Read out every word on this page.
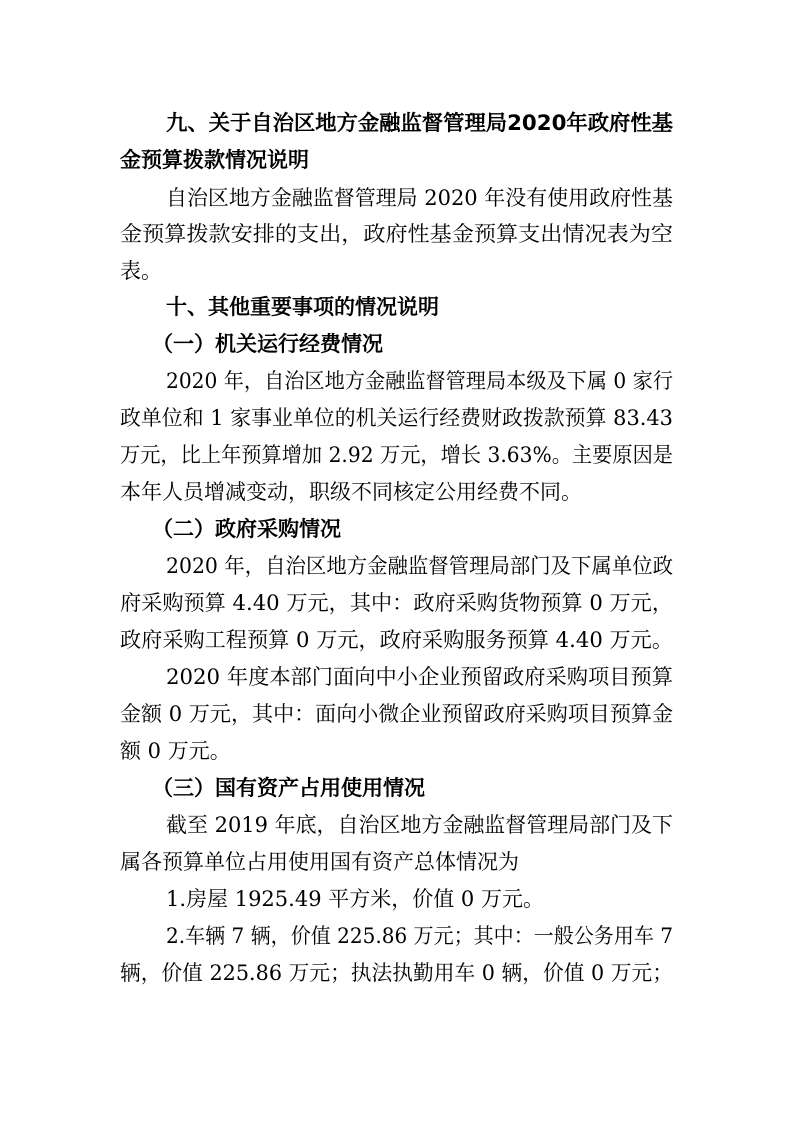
九、关于自治区地方金融监督管理局2020年政府性基
金预算拨款情况说明
自治区地方金融监督管理局 2020 年没有使用政府性基
金预算拨款安排的支出，政府性基金预算支出情况表为空
表。
十、其他重要事项的情况说明
（一）机关运行经费情况
2020 年，自治区地方金融监督管理局本级及下属 0 家行
政单位和 1 家事业单位的机关运行经费财政拨款预算 83.43
万元，比上年预算增加 2.92 万元，增长 3.63%。主要原因是
本年人员增减变动，职级不同核定公用经费不同。
（二）政府采购情况
2020 年，自治区地方金融监督管理局部门及下属单位政
府采购预算 4.40 万元，其中：政府采购货物预算 0 万元，
政府采购工程预算 0 万元，政府采购服务预算 4.40 万元。
2020 年度本部门面向中小企业预留政府采购项目预算
金额 0 万元，其中：面向小微企业预留政府采购项目预算金
额 0 万元。
（三）国有资产占用使用情况
截至 2019 年底，自治区地方金融监督管理局部门及下
属各预算单位占用使用国有资产总体情况为
1.房屋 1925.49 平方米，价值 0 万元。
2.车辆 7 辆，价值 225.86 万元；其中：一般公务用车 7
辆，价值 225.86 万元；执法执勤用车 0 辆，价值 0 万元；
